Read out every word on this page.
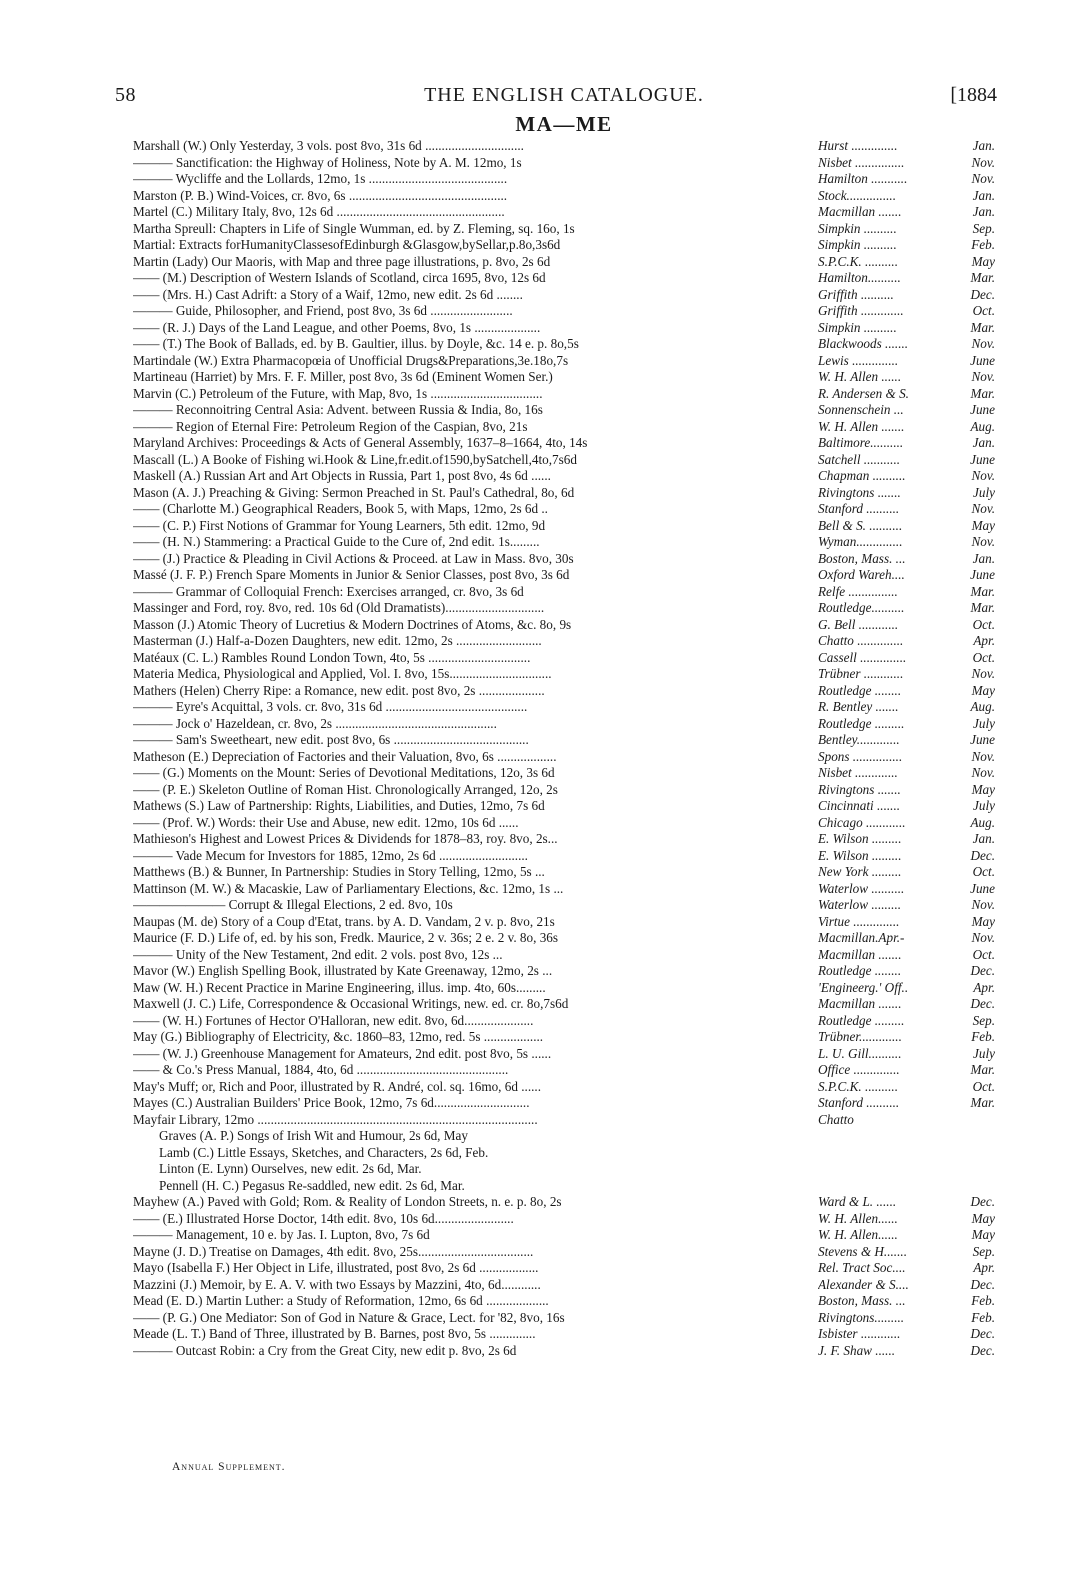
58	THE ENGLISH CATALOGUE.	[1884
MA—ME
Marshall (W.) Only Yesterday, 3 vols. post 8vo, 31s 6d ..............................	Hurst ..............	Jan.
——— Sanctification: the Highway of Holiness, Note by A. M. 12mo, 1s	Nisbet ...............	Nov.
——— Wycliffe and the Lollards, 12mo, 1s ..........................................	Hamilton ...........	Nov.
Marston (P. B.) Wind-Voices, cr. 8vo, 6s ................................................	Stock...............	Jan.
Martel (C.) Military Italy, 8vo, 12s 6d ...................................................	Macmillan .......	Jan.
Martha Spreull: Chapters in Life of Single Wumman, ed. by Z. Fleming, sq. 16o, 1s	Simpkin ..........	Sep.
Martial: Extracts forHumanityClassesofEdinburgh &Glasgow,bySellar,p.8o,3s6d	Simpkin ..........	Feb.
Martin (Lady) Our Maoris, with Map and three page illustrations, p. 8vo, 2s 6d	S.P.C.K. ..........	May
—— (M.) Description of Western Islands of Scotland, circa 1695, 8vo, 12s 6d	Hamilton..........	Mar.
—— (Mrs. H.) Cast Adrift: a Story of a Waif, 12mo, new edit. 2s 6d ........	Griffith ..........	Dec.
——— Guide, Philosopher, and Friend, post 8vo, 3s 6d .........................	Griffith .............	Oct.
—— (R. J.) Days of the Land League, and other Poems, 8vo, 1s ....................	Simpkin ..........	Mar.
—— (T.) The Book of Ballads, ed. by B. Gaultier, illus. by Doyle, &c. 14 e. p. 8o,5s	Blackwoods .......	Nov.
Martindale (W.) Extra Pharmacopœia of Unofficial Drugs&Preparations,3e.18o,7s	Lewis ..............	June
Martineau (Harriet) by Mrs. F. F. Miller, post 8vo, 3s 6d (Eminent Women Ser.)	W. H. Allen ......	Nov.
Marvin (C.) Petroleum of the Future, with Map, 8vo, 1s ..................................	R. Andersen & S.	Mar.
——— Reconnoitring Central Asia: Advent. between Russia & India, 8o, 16s	Sonnenschein ...	June
——— Region of Eternal Fire: Petroleum Region of the Caspian, 8vo, 21s	W. H. Allen .......	Aug.
Maryland Archives: Proceedings & Acts of General Assembly, 1637–8–1664, 4to, 14s	Baltimore..........	Jan.
Mascall (L.) A Booke of Fishing wi.Hook & Line,fr.edit.of1590,bySatchell,4to,7s6d	Satchell ...........	June
Maskell (A.) Russian Art and Art Objects in Russia, Part 1, post 8vo, 4s 6d ......	Chapman ..........	Nov.
Mason (A. J.) Preaching & Giving: Sermon Preached in St. Paul's Cathedral, 8o, 6d	Rivingtons .......	July
—— (Charlotte M.) Geographical Readers, Book 5, with Maps, 12mo, 2s 6d ..	Stanford ..........	Nov.
—— (C. P.) First Notions of Grammar for Young Learners, 5th edit. 12mo, 9d	Bell & S. ..........	May
—— (H. N.) Stammering: a Practical Guide to the Cure of, 2nd edit. 1s.........	Wyman..............	Nov.
—— (J.) Practice & Pleading in Civil Actions & Proceed. at Law in Mass. 8vo, 30s	Boston, Mass. ...	Jan.
Massé (J. F. P.) French Spare Moments in Junior & Senior Classes, post 8vo, 3s 6d	Oxford Wareh....	June
——— Grammar of Colloquial French: Exercises arranged, cr. 8vo, 3s 6d	Relfe ...............	Mar.
Massinger and Ford, roy. 8vo, red. 10s 6d (Old Dramatists)..............................	Routledge..........	Mar.
Masson (J.) Atomic Theory of Lucretius & Modern Doctrines of Atoms, &c. 8o, 9s	G. Bell ............	Oct.
Masterman (J.) Half-a-Dozen Daughters, new edit. 12mo, 2s ..........................	Chatto ..............	Apr.
Matéaux (C. L.) Rambles Round London Town, 4to, 5s ...............................	Cassell ..............	Oct.
Materia Medica, Physiological and Applied, Vol. I. 8vo, 15s...............................	Trübner ............	Nov.
Mathers (Helen) Cherry Ripe: a Romance, new edit. post 8vo, 2s ....................	Routledge ........	May
——— Eyre's Acquittal, 3 vols. cr. 8vo, 31s 6d ...........................................	R. Bentley .......	Aug.
——— Jock o' Hazeldean, cr. 8vo, 2s .................................................	Routledge .........	July
——— Sam's Sweetheart, new edit. post 8vo, 6s .........................................	Bentley.............	June
Matheson (E.) Depreciation of Factories and their Valuation, 8vo, 6s ..................	Spons ...............	Nov.
—— (G.) Moments on the Mount: Series of Devotional Meditations, 12o, 3s 6d	Nisbet .............	Nov.
—— (P. E.) Skeleton Outline of Roman Hist. Chronologically Arranged, 12o, 2s	Rivingtons .......	May
Mathews (S.) Law of Partnership: Rights, Liabilities, and Duties, 12mo, 7s 6d	Cincinnati .......	July
—— (Prof. W.) Words: their Use and Abuse, new edit. 12mo, 10s 6d ......	Chicago ............	Aug.
Mathieson's Highest and Lowest Prices & Dividends for 1878–83, roy. 8vo, 2s...	E. Wilson .........	Jan.
——— Vade Mecum for Investors for 1885, 12mo, 2s 6d ...........................	E. Wilson .........	Dec.
Matthews (B.) & Bunner, In Partnership: Studies in Story Telling, 12mo, 5s ...	New York .........	Oct.
Mattinson (M. W.) & Macaskie, Law of Parliamentary Elections, &c. 12mo, 1s ...	Waterlow ..........	June
——————— Corrupt & Illegal Elections, 2 ed. 8vo, 10s	Waterlow .........	Nov.
Maupas (M. de) Story of a Coup d'Etat, trans. by A. D. Vandam, 2 v. p. 8vo, 21s	Virtue ..............	May
Maurice (F. D.) Life of, ed. by his son, Fredk. Maurice, 2 v. 36s; 2 e. 2 v. 8o, 36s	Macmillan.Apr.-	Nov.
——— Unity of the New Testament, 2nd edit. 2 vols. post 8vo, 12s ...	Macmillan .......	Oct.
Mavor (W.) English Spelling Book, illustrated by Kate Greenaway, 12mo, 2s ...	Routledge ........	Dec.
Maw (W. H.) Recent Practice in Marine Engineering, illus. imp. 4to, 60s.........	'Engineerg.' Off..	Apr.
Maxwell (J. C.) Life, Correspondence & Occasional Writings, new. ed. cr. 8o,7s6d	Macmillan .......	Dec.
—— (W. H.) Fortunes of Hector O'Halloran, new edit. 8vo, 6d.....................	Routledge .........	Sep.
May (G.) Bibliography of Electricity, &c. 1860–83, 12mo, red. 5s ..................	Trübner.............	Feb.
—— (W. J.) Greenhouse Management for Amateurs, 2nd edit. post 8vo, 5s ......	L. U. Gill..........	July
—— & Co.'s Press Manual, 1884, 4to, 6d ..............................................	Office ..............	Mar.
May's Muff; or, Rich and Poor, illustrated by R. André, col. sq. 16mo, 6d ......	S.P.C.K. ..........	Oct.
Mayes (C.) Australian Builders' Price Book, 12mo, 7s 6d.............................	Stanford ..........	Mar.
Mayfair Library, 12mo .....................................................................................	Chatto
Graves (A. P.) Songs of Irish Wit and Humour, 2s 6d, May
Lamb (C.) Little Essays, Sketches, and Characters, 2s 6d, Feb.
Linton (E. Lynn) Ourselves, new edit. 2s 6d, Mar.
Pennell (H. C.) Pegasus Re-saddled, new edit. 2s 6d, Mar.
Mayhew (A.) Paved with Gold; Rom. & Reality of London Streets, n. e. p. 8o, 2s	Ward & L. ......	Dec.
—— (E.) Illustrated Horse Doctor, 14th edit. 8vo, 10s 6d........................	W. H. Allen......	May
——— Management, 10 e. by Jas. I. Lupton, 8vo, 7s 6d	W. H. Allen......	May
Mayne (J. D.) Treatise on Damages, 4th edit. 8vo, 25s...................................	Stevens & H.......	Sep.
Mayo (Isabella F.) Her Object in Life, illustrated, post 8vo, 2s 6d ..................	Rel. Tract Soc....	Apr.
Mazzini (J.) Memoir, by E. A. V. with two Essays by Mazzini, 4to, 6d............	Alexander & S....	Dec.
Mead (E. D.) Martin Luther: a Study of Reformation, 12mo, 6s 6d ...................	Boston, Mass. ...	Feb.
—— (P. G.) One Mediator: Son of God in Nature & Grace, Lect. for '82, 8vo, 16s	Rivingtons.........	Feb.
Meade (L. T.) Band of Three, illustrated by B. Barnes, post 8vo, 5s ..............	Isbister ............	Dec.
——— Outcast Robin: a Cry from the Great City, new edit p. 8vo, 2s 6d	J. F. Shaw ......	Dec.
Annual Supplement.
